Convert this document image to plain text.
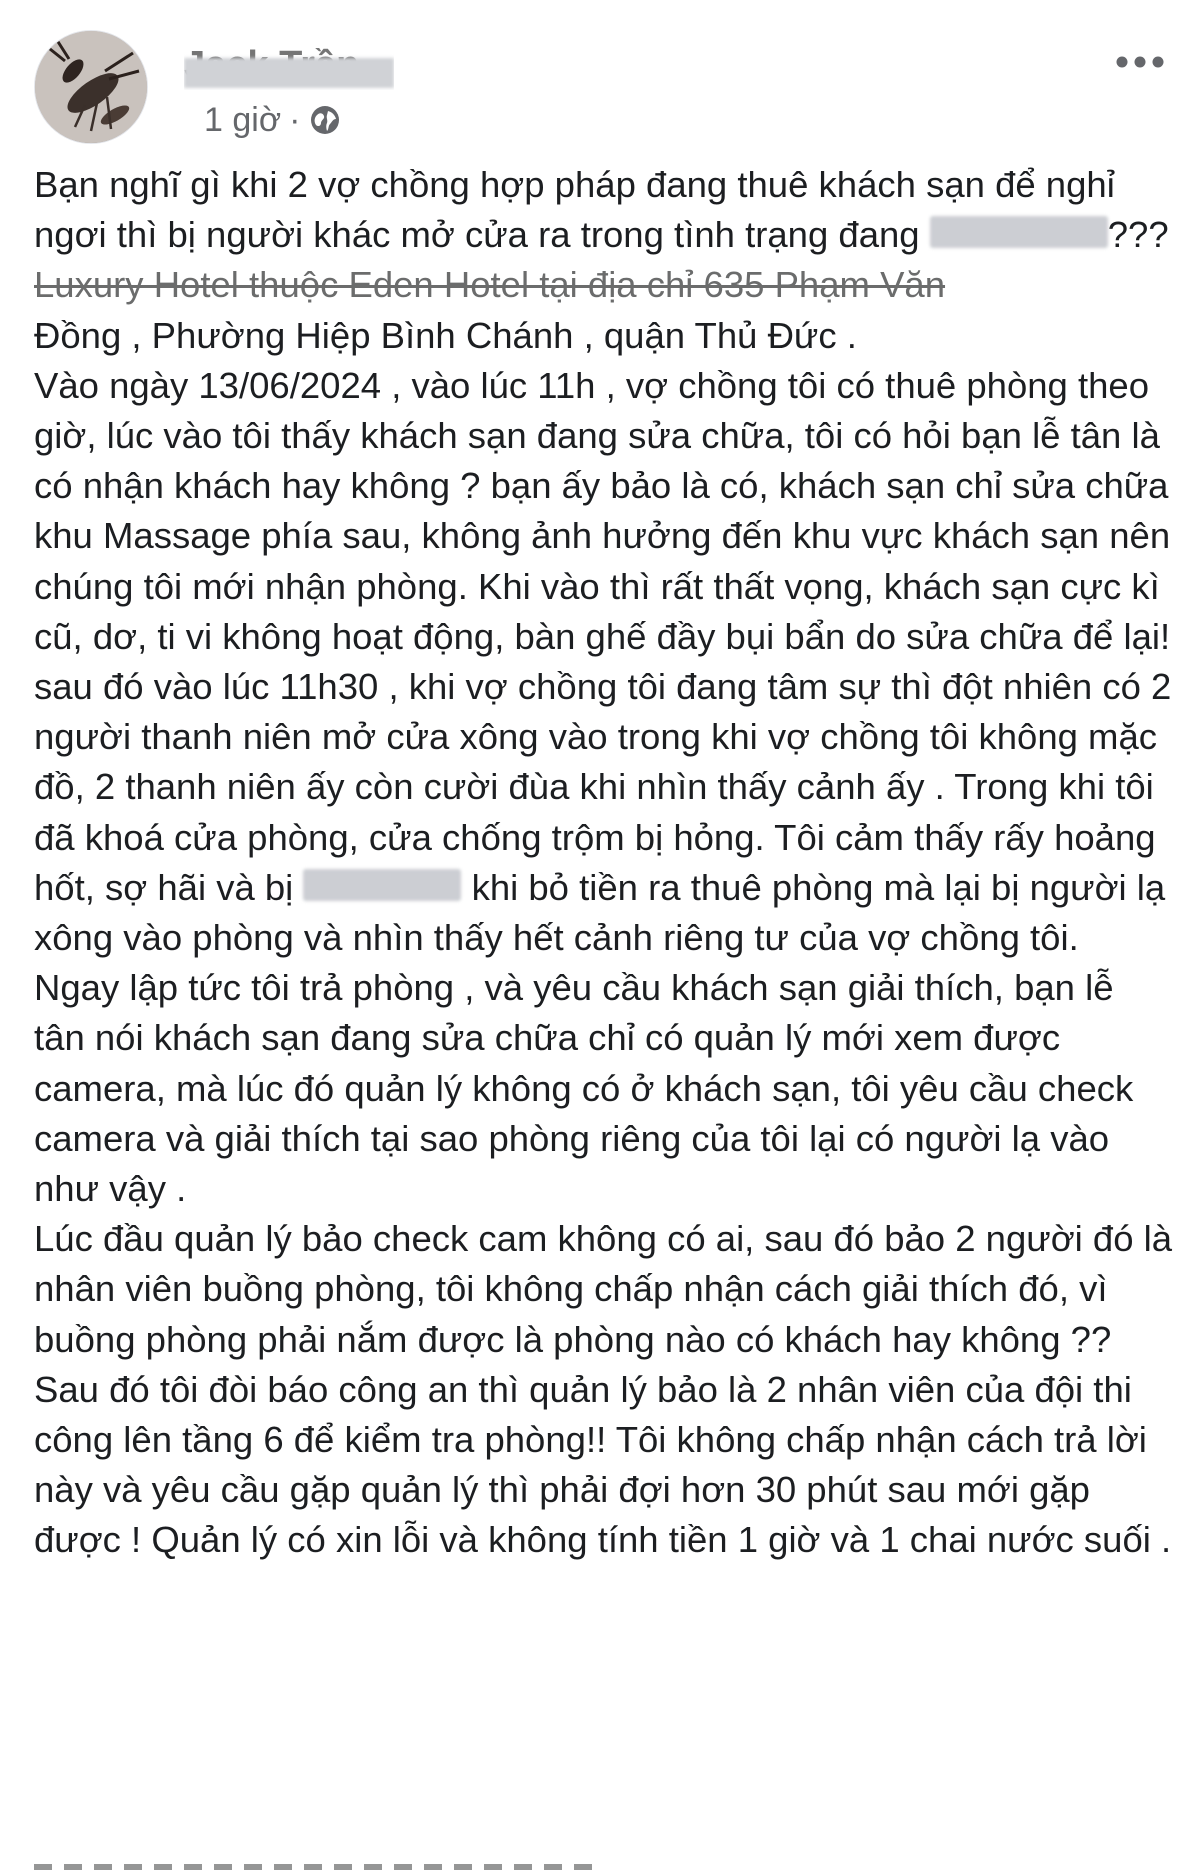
1 giờ ·

Bạn nghĩ gì khi 2 vợ chồng hợp pháp đang thuê khách sạn để nghỉ ngơi thì bị người khác mở cửa ra trong tình trạng đang	???

Luxury Hotel thuộc Eden Hotel tại địa chỉ 635 Phạm Văn
Đồng , Phường Hiệp Bình Chánh , quận Thủ Đức .

Vào ngày 13/06/2024 , vào lúc 11h , vợ chồng tôi có thuê phòng theo giờ, lúc vào tôi thấy khách sạn đang sửa chữa, tôi có hỏi bạn lễ tân là có nhận khách hay không ? bạn ấy bảo là có, khách sạn chỉ sửa chữa khu Massage phía sau, không ảnh hưởng đến khu vực khách sạn nên chúng tôi mới nhận phòng. Khi vào thì rất thất vọng, khách sạn cực kì cũ, dơ, ti vi không hoạt động, bàn ghế đầy bụi bẩn do sửa chữa để lại! sau đó vào lúc 11h30 , khi vợ chồng tôi đang tâm sự thì đột nhiên có 2 người thanh niên mở cửa xông vào trong khi vợ chồng tôi không mặc đồ, 2 thanh niên ấy còn cười đùa khi nhìn thấy cảnh ấy . Trong khi tôi đã khoá cửa phòng, cửa chống trộm bị hỏng. Tôi cảm thấy rấy hoảng hốt, sợ hãi và bị	khi bỏ tiền ra thuê phòng mà lại bị người lạ xông vào phòng và nhìn thấy hết cảnh riêng tư của vợ chồng tôi.

Ngay lập tức tôi trả phòng , và yêu cầu khách sạn giải thích, bạn lễ tân nói khách sạn đang sửa chữa chỉ có quản lý mới xem được camera, mà lúc đó quản lý không có ở khách sạn, tôi yêu cầu check camera và giải thích tại sao phòng riêng của tôi lại có người lạ vào như vậy .

Lúc đầu quản lý bảo check cam không có ai, sau đó bảo 2 người đó là nhân viên buồng phòng, tôi không chấp nhận cách giải thích đó, vì buồng phòng phải nắm được là phòng nào có khách hay không ?? Sau đó tôi đòi báo công an thì quản lý bảo là 2 nhân viên của đội thi công lên tầng 6 để kiểm tra phòng!! Tôi không chấp nhận cách trả lời này và yêu cầu gặp quản lý thì phải đợi hơn 30 phút sau mới gặp được ! Quản lý có xin lỗi và không tính tiền 1 giờ và 1 chai nước suối .
